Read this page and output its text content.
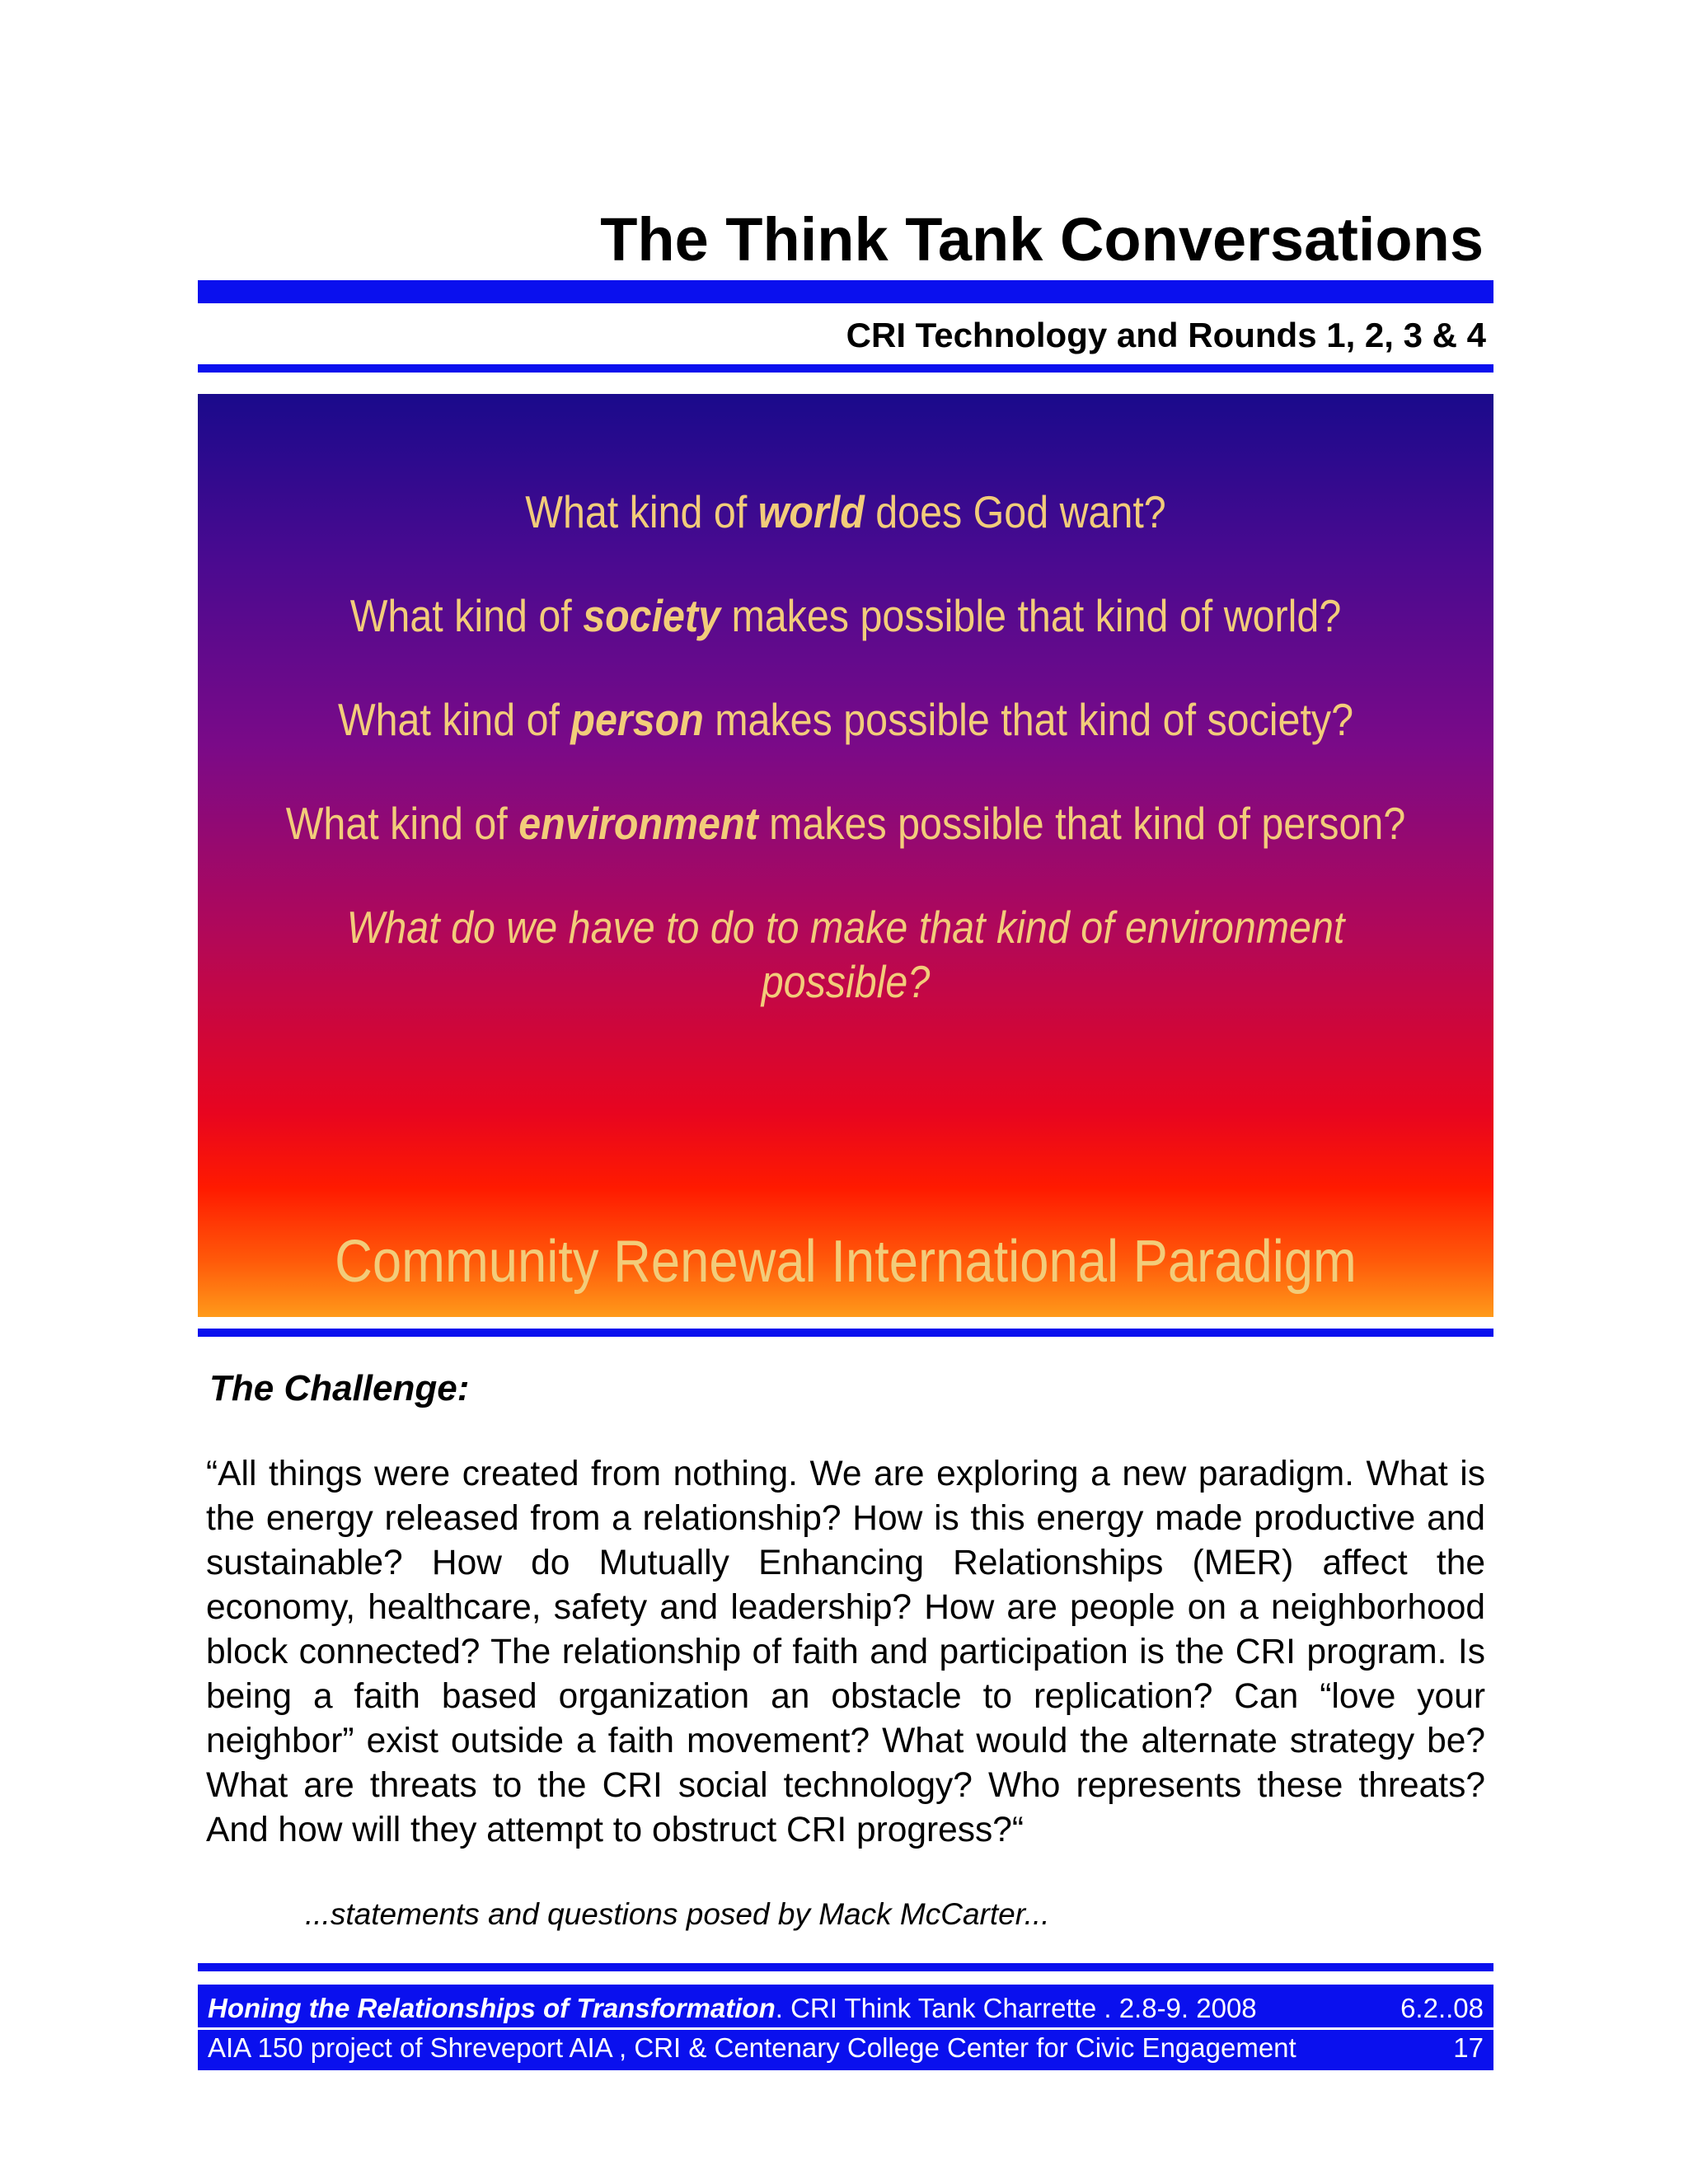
The Think Tank Conversations
CRI Technology and Rounds 1, 2, 3 & 4
What kind of world does God want?
What kind of society makes possible that kind of world?
What kind of person makes possible that kind of society?
What kind of environment makes possible that kind of person?
What do we have to do to make that kind of environment possible?
Community Renewal International Paradigm
The Challenge:

“All things were created from nothing. We are exploring a new paradigm. What is the energy released from a relationship? How is this energy made productive and sustainable? How do Mutually Enhancing Relationships (MER) affect the economy, healthcare, safety and leadership? How are people on a neighborhood block connected? The relationship of faith and participation is the CRI program. Is being a faith based organization an obstacle to replication? Can “love your neighbor” exist outside a faith movement? What would the alternate strategy be? What are threats to the CRI social technology? Who represents these threats? And how will they attempt to obstruct CRI progress?“

...statements and questions posed by Mack McCarter...
Honing the Relationships of Transformation. CRI Think Tank Charrette . 2.8-9. 2008	6.2..08
AIA 150 project of Shreveport AIA , CRI & Centenary College Center for Civic Engagement	17
